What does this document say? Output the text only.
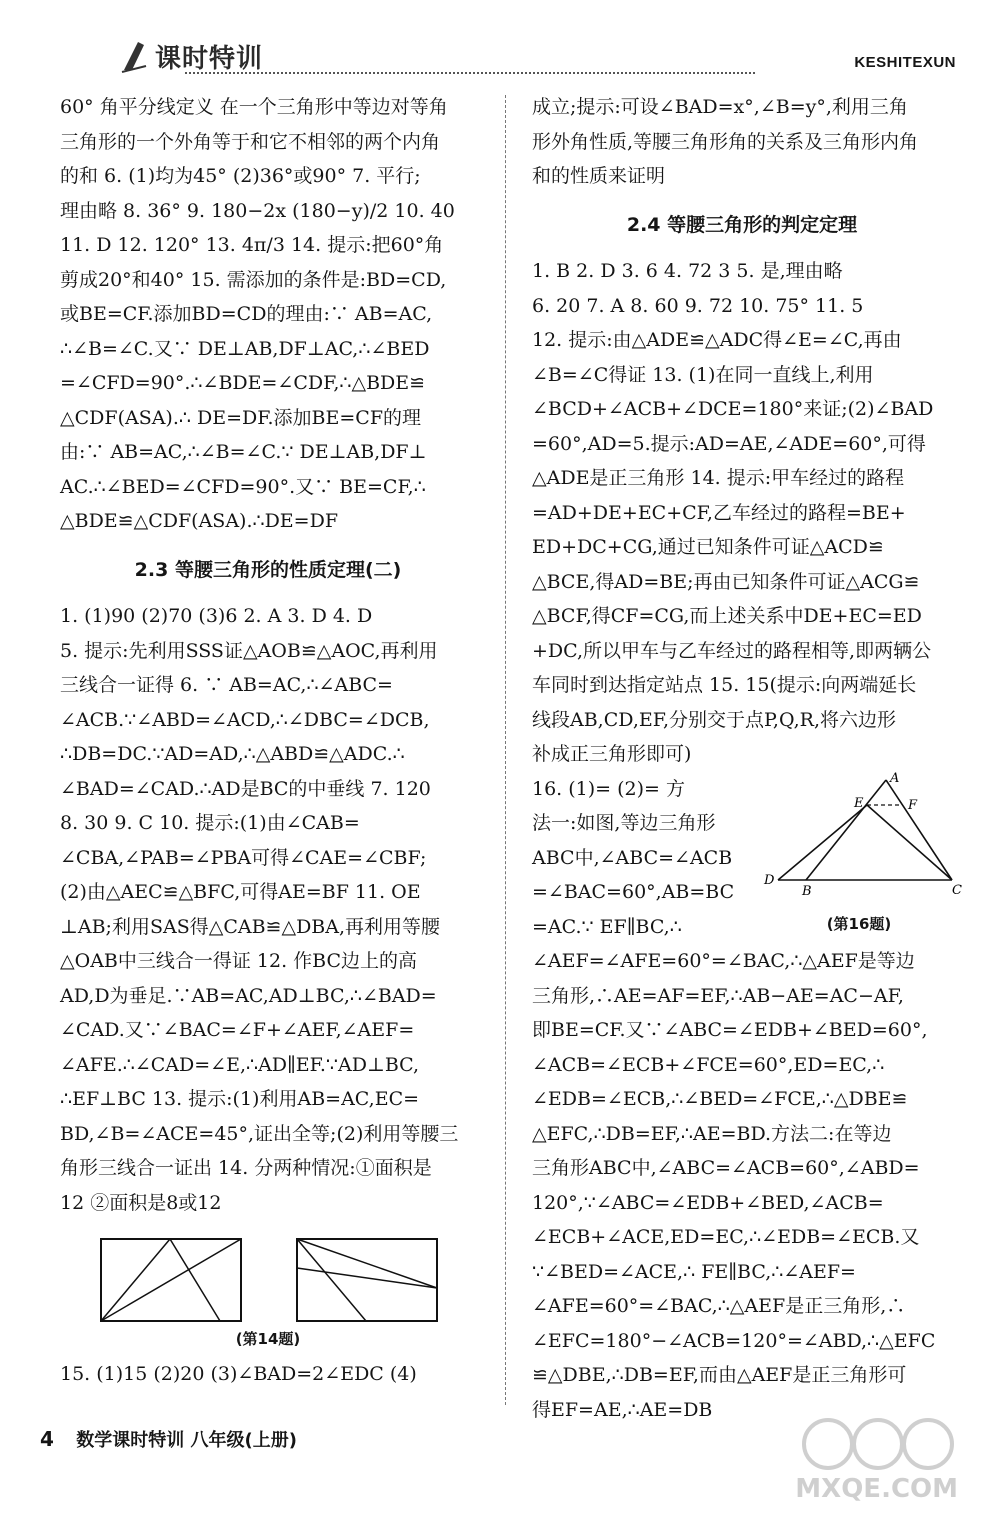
课时特训	KESHITEXUN

60° 角平分线定义 在一个三角形中等边对等角

三角形的一个外角等于和它不相邻的两个内角

的和 6. (1)均为45° (2)36°或90° 7. 平行;

理由略 8. 36° 9. 180−2x (180−y)/2 10. 40

11. D 12. 120° 13. 4π/3 14. 提示:把60°角

剪成20°和40° 15. 需添加的条件是:BD=CD,

或BE=CF.添加BD=CD的理由:∵ AB=AC,

∴∠B=∠C.又∵ DE⊥AB,DF⊥AC,∴∠BED

=∠CFD=90°.∴∠BDE=∠CDF,∴△BDE≌

△CDF(ASA).∴ DE=DF.添加BE=CF的理

由:∵ AB=AC,∴∠B=∠C.∵ DE⊥AB,DF⊥

AC.∴∠BED=∠CFD=90°.又∵ BE=CF,∴

△BDE≌△CDF(ASA).∴DE=DF

2.3 等腰三角形的性质定理(二)

1. (1)90 (2)70 (3)6 2. A 3. D 4. D

5. 提示:先利用SSS证△AOB≌△AOC,再利用

三线合一证得 6. ∵ AB=AC,∴∠ABC=

∠ACB.∵∠ABD=∠ACD,∴∠DBC=∠DCB,

∴DB=DC.∵AD=AD,∴△ABD≌△ADC.∴

∠BAD=∠CAD.∴AD是BC的中垂线 7. 120

8. 30 9. C 10. 提示:(1)由∠CAB=

∠CBA,∠PAB=∠PBA可得∠CAE=∠CBF;

(2)由△AEC≌△BFC,可得AE=BF 11. OE

⊥AB;利用SAS得△CAB≌△DBA,再利用等腰

△OAB中三线合一得证 12. 作BC边上的高

AD,D为垂足.∵AB=AC,AD⊥BC,∴∠BAD=

∠CAD.又∵∠BAC=∠F+∠AEF,∠AEF=

∠AFE.∴∠CAD=∠E,∴AD∥EF.∵AD⊥BC,

∴EF⊥BC 13. 提示:(1)利用AB=AC,EC=

BD,∠B=∠ACE=45°,证出全等;(2)利用等腰三

角形三线合一证出 14. 分两种情况:①面积是

12 ②面积是8或12

(第14题)

15. (1)15 (2)20 (3)∠BAD=2∠EDC (4)

成立;提示:可设∠BAD=x°,∠B=y°,利用三角

形外角性质,等腰三角形角的关系及三角形内角

和的性质来证明

2.4 等腰三角形的判定定理

1. B 2. D 3. 6 4. 72 3 5. 是,理由略

6. 20 7. A 8. 60 9. 72 10. 75° 11. 5

12. 提示:由△ADE≌△ADC得∠E=∠C,再由

∠B=∠C得证 13. (1)在同一直线上,利用

∠BCD+∠ACB+∠DCE=180°来证;(2)∠BAD

=60°,AD=5.提示:AD=AE,∠ADE=60°,可得

△ADE是正三角形 14. 提示:甲车经过的路程

=AD+DE+EC+CF,乙车经过的路程=BE+

ED+DC+CG,通过已知条件可证△ACD≌

△BCE,得AD=BE;再由已知条件可证△ACG≌

△BCF,得CF=CG,而上述关系中DE+EC=ED

+DC,所以甲车与乙车经过的路程相等,即两辆公

车同时到达指定站点 15. 15(提示:向两端延长

线段AB,CD,EF,分别交于点P,Q,R,将六边形

补成正三角形即可)

A
E	F
D
B	C

(第16题)

16. (1)= (2)= 方

法一:如图,等边三角形

ABC中,∠ABC=∠ACB

=∠BAC=60°,AB=BC

=AC.∵ EF∥BC,∴

∠AEF=∠AFE=60°=∠BAC,∴△AEF是等边

三角形,∴AE=AF=EF,∴AB−AE=AC−AF,

即BE=CF.又∵∠ABC=∠EDB+∠BED=60°,

∠ACB=∠ECB+∠FCE=60°,ED=EC,∴

∠EDB=∠ECB,∴∠BED=∠FCE,∴△DBE≌

△EFC,∴DB=EF,∴AE=BD.方法二:在等边

三角形ABC中,∠ABC=∠ACB=60°,∠ABD=

120°,∵∠ABC=∠EDB+∠BED,∠ACB=

∠ECB+∠ACE,ED=EC,∴∠EDB=∠ECB.又

∵∠BED=∠ACE,∴ FE∥BC,∴∠AEF=

∠AFE=60°=∠BAC,∴△AEF是正三角形,∴

∠EFC=180°−∠ACB=120°=∠ABD,∴△EFC

≌△DBE,∴DB=EF,而由△AEF是正三角形可

得EF=AE,∴AE=DB

4 数学课时特训 八年级(上册)
MXQE.COM
